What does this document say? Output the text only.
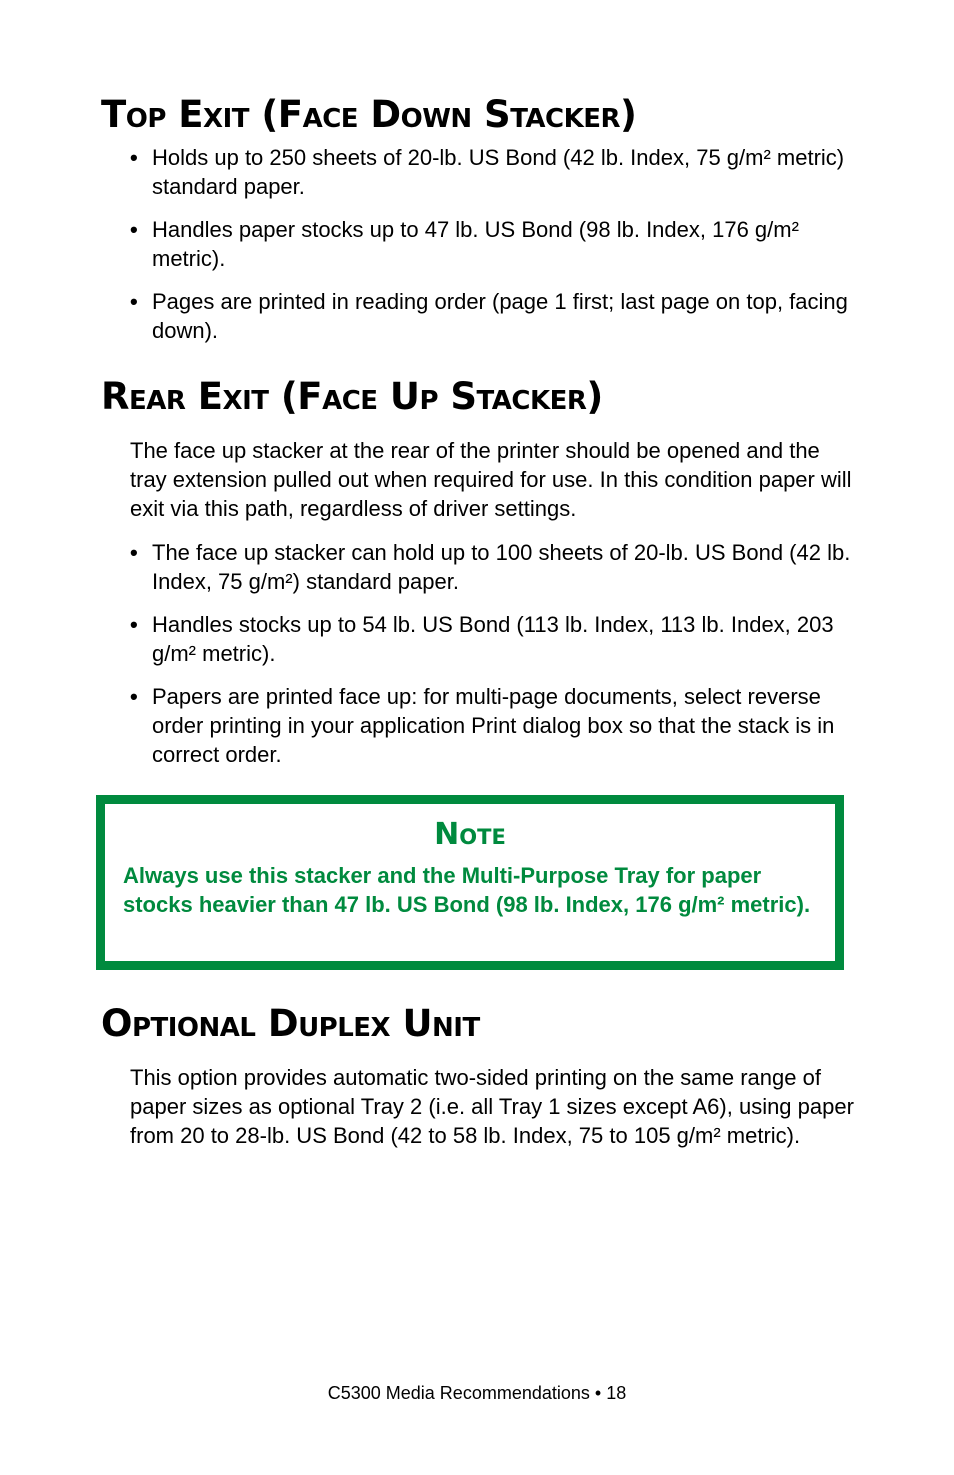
Top Exit (Face Down Stacker)
• Holds up to 250 sheets of 20-lb. US Bond (42 lb. Index, 75 g/m² metric) standard paper.
• Handles paper stocks up to 47 lb. US Bond (98 lb. Index, 176 g/m² metric).
• Pages are printed in reading order (page 1 first; last page on top, facing down).
Rear Exit (Face Up Stacker)

The face up stacker at the rear of the printer should be opened and the tray extension pulled out when required for use. In this condition paper will exit via this path, regardless of driver settings.

• The face up stacker can hold up to 100 sheets of 20-lb. US Bond (42 lb. Index, 75 g/m²) standard paper.
• Handles stocks up to 54 lb. US Bond (113 lb. Index, 113 lb. Index, 203 g/m² metric).
• Papers are printed face up: for multi-page documents, select reverse order printing in your application Print dialog box so that the stack is in correct order.

Note

Always use this stacker and the Multi-Purpose Tray for paper stocks heavier than 47 lb. US Bond (98 lb. Index, 176 g/m² metric).

Optional Duplex Unit

This option provides automatic two-sided printing on the same range of paper sizes as optional Tray 2 (i.e. all Tray 1 sizes except A6), using paper from 20 to 28-lb. US Bond (42 to 58 lb. Index, 75 to 105 g/m² metric).

C5300 Media Recommendations • 18
